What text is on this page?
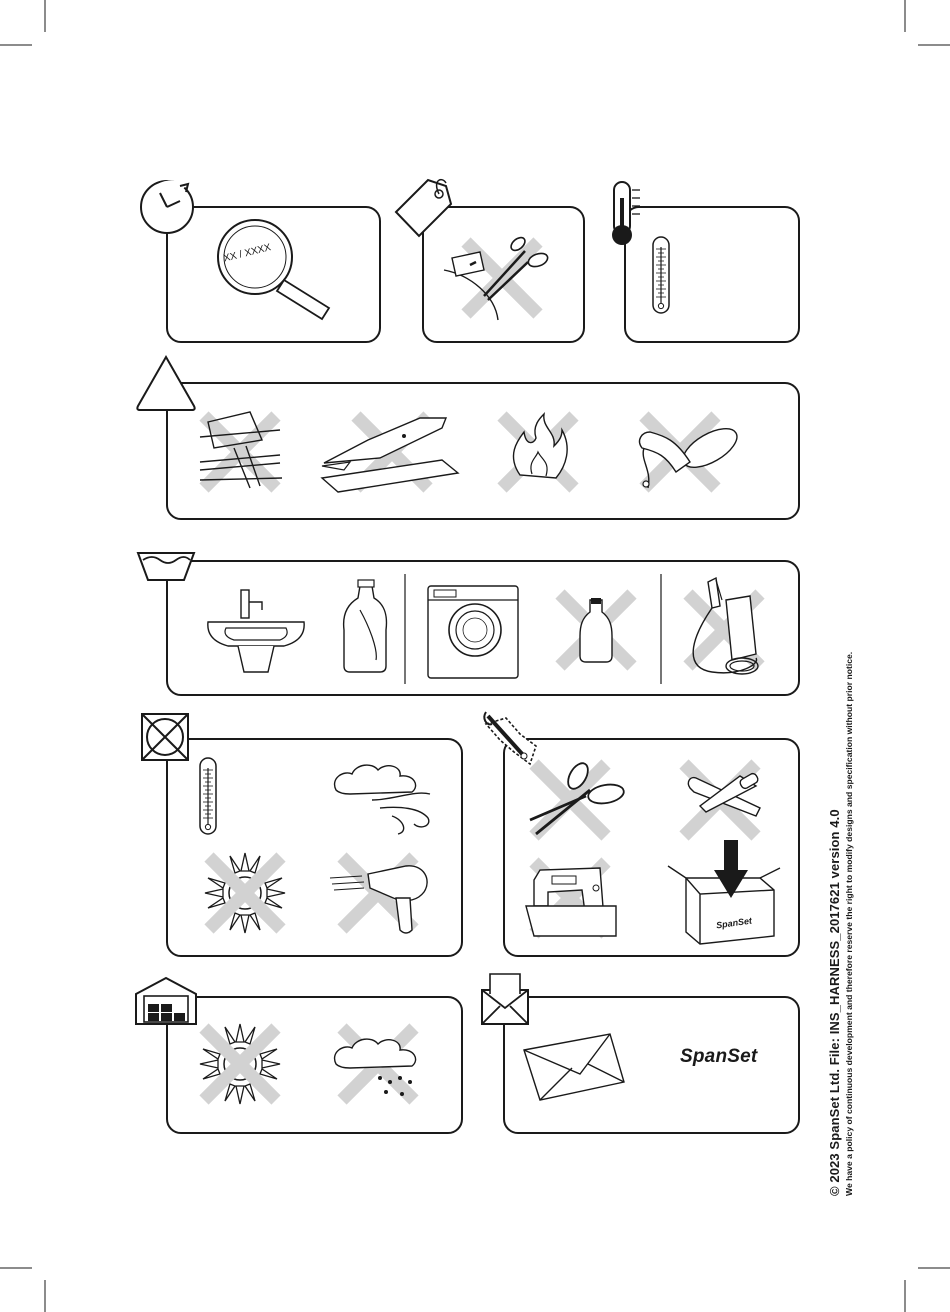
XX / XXXX
SpanSet
SpanSet	© 2023 SpanSet Ltd. File: INS_HARNESS_2017621 version 4.0 We have a policy of continuous development and therefore reserve the right to modify designs and specification without prior notice.
